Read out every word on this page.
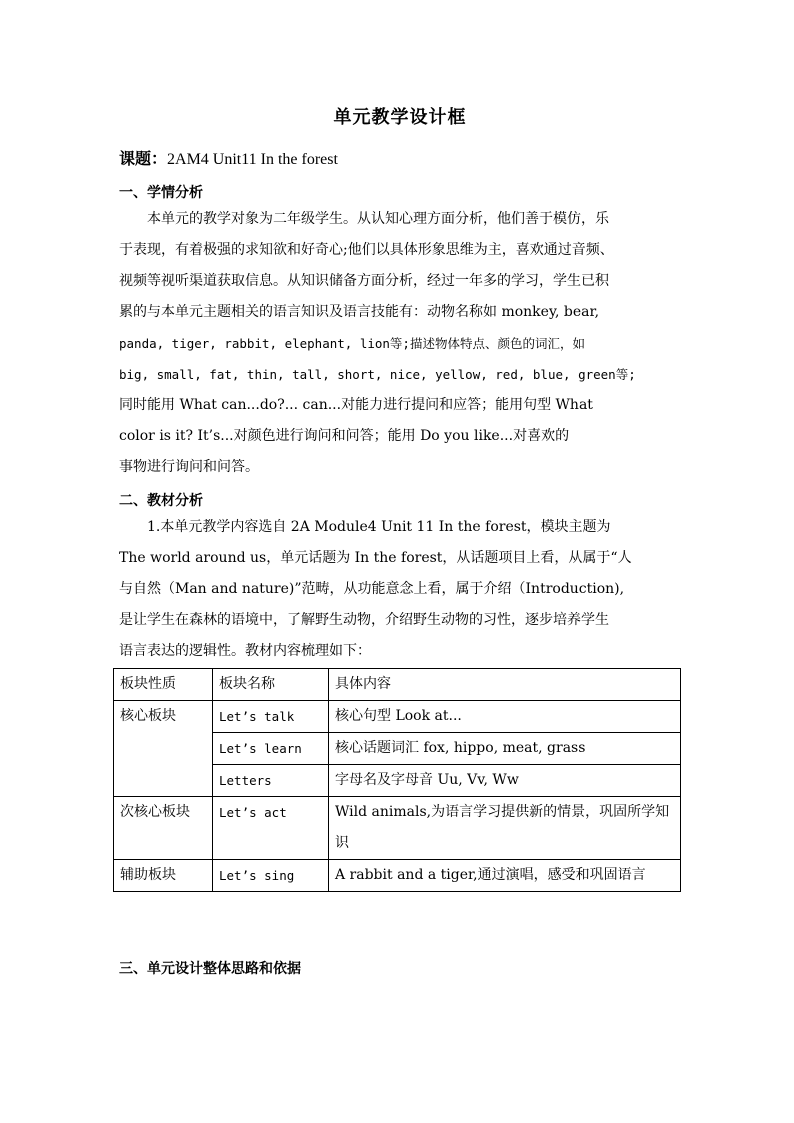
单元教学设计框
课题：2AM4 Unit11 In the forest
一、学情分析
本单元的教学对象为二年级学生。从认知心理方面分析，他们善于模仿，乐
于表现，有着极强的求知欲和好奇心;他们以具体形象思维为主，喜欢通过音频、
视频等视听渠道获取信息。从知识储备方面分析，经过一年多的学习，学生已积
累的与本单元主题相关的语言知识及语言技能有：动物名称如 monkey, bear,
panda, tiger, rabbit, elephant, lion等;描述物体特点、颜色的词汇，如
big, small, fat, thin, tall, short, nice, yellow, red, blue, green等;
同时能用 What can...do?... can...对能力进行提问和应答；能用句型 What
color is it? It’s...对颜色进行询问和问答；能用 Do you like...对喜欢的
事物进行询问和问答。
二、教材分析
1.本单元教学内容选自 2A Module4 Unit 11 In the forest，模块主题为
The world around us，单元话题为 In the forest，从话题项目上看，从属于“人
与自然（Man and nature)”范畴，从功能意念上看，属于介绍（Introduction),
是让学生在森林的语境中，了解野生动物，介绍野生动物的习性，逐步培养学生
语言表达的逻辑性。教材内容梳理如下：
板块性质	板块名称	具体内容
核心板块	Let’s talk	核心句型 Look at...
	Let’s learn	核心话题词汇 fox, hippo, meat, grass
	Letters	字母名及字母音 Uu, Vv, Ww
次核心板块	Let’s act	Wild animals,为语言学习提供新的情景，巩固所学知识
辅助板块	Let’s sing	A rabbit and a tiger,通过演唱，感受和巩固语言
三、单元设计整体思路和依据
